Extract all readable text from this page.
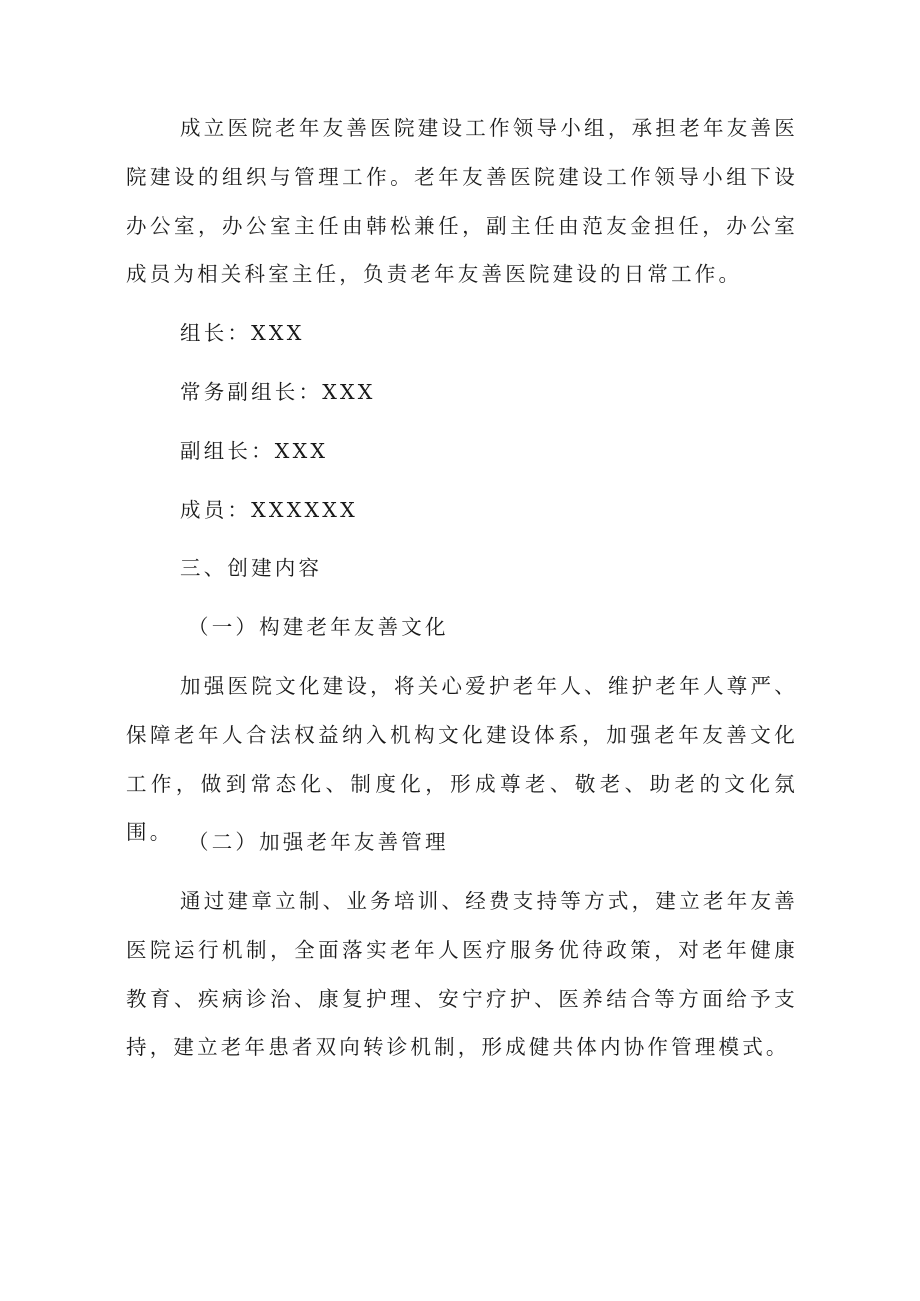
成立医院老年友善医院建设工作领导小组，承担老年友善医院建设的组织与管理工作。老年友善医院建设工作领导小组下设办公室，办公室主任由韩松兼任，副主任由范友金担任，办公室成员为相关科室主任，负责老年友善医院建设的日常工作。

组长：XXX

常务副组长：XXX

副组长：XXX

成员：XXXXXX

三、创建内容

（一）构建老年友善文化

加强医院文化建设，将关心爱护老年人、维护老年人尊严、保障老年人合法权益纳入机构文化建设体系，加强老年友善文化工作，做到常态化、制度化，形成尊老、敬老、助老的文化氛围。 （二）加强老年友善管理

通过建章立制、业务培训、经费支持等方式，建立老年友善医院运行机制，全面落实老年人医疗服务优待政策，对老年健康教育、疾病诊治、康复护理、安宁疗护、医养结合等方面给予支持，建立老年患者双向转诊机制，形成健共体内协作管理模式。
